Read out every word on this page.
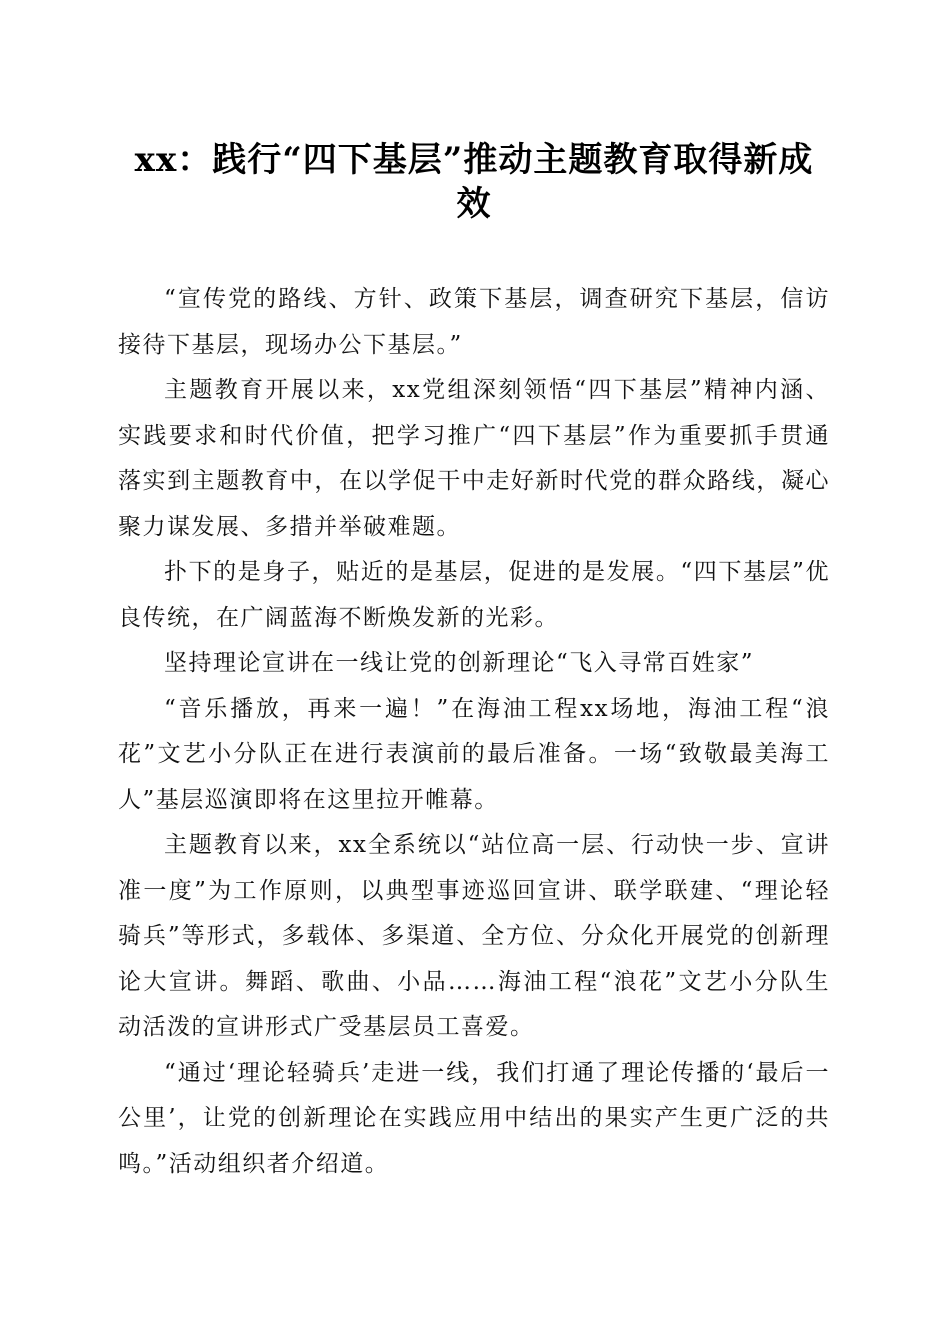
xx：践行“四下基层”推动主题教育取得新成效

“宣传党的路线、方针、政策下基层，调查研究下基层，信访接待下基层，现场办公下基层。”

主题教育开展以来，xx党组深刻领悟“四下基层”精神内涵、实践要求和时代价值，把学习推广“四下基层”作为重要抓手贯通落实到主题教育中，在以学促干中走好新时代党的群众路线，凝心聚力谋发展、多措并举破难题。

扑下的是身子，贴近的是基层，促进的是发展。“四下基层”优良传统，在广阔蓝海不断焕发新的光彩。

坚持理论宣讲在一线让党的创新理论“飞入寻常百姓家”

“音乐播放，再来一遍！”在海油工程xx场地，海油工程“浪花”文艺小分队正在进行表演前的最后准备。一场“致敬最美海工人”基层巡演即将在这里拉开帷幕。

主题教育以来，xx全系统以“站位高一层、行动快一步、宣讲准一度”为工作原则，以典型事迹巡回宣讲、联学联建、“理论轻骑兵”等形式，多载体、多渠道、全方位、分众化开展党的创新理论大宣讲。舞蹈、歌曲、小品……海油工程“浪花”文艺小分队生动活泼的宣讲形式广受基层员工喜爱。

“通过‘理论轻骑兵’走进一线，我们打通了理论传播的‘最后一公里’，让党的创新理论在实践应用中结出的果实产生更广泛的共鸣。”活动组织者介绍道。
